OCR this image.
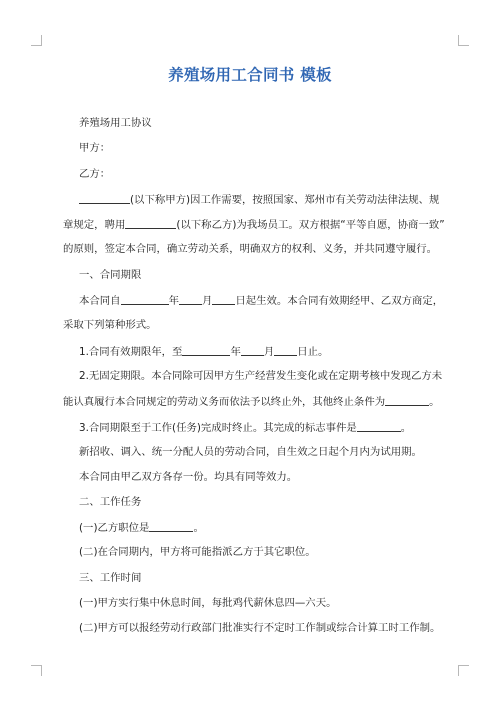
养殖场用工合同书 模板

养殖场用工协议

甲方：

乙方：

(以下称甲方)因工作需要，按照国家、郑州市有关劳动法律法规、规

章规定，聘用	(以下称乙方)为我场员工。双方根据“平等自愿，协商一致”

的原则，签定本合同，确立劳动关系，明确双方的权利、义务，并共同遵守履行。

一、合同期限

本合同自	年 月 日起生效。本合同有效期经甲、乙双方商定，

采取下列第种形式。

1.合同有效期限年，至	年 月 日止。

2.无固定期限。本合同除可因甲方生产经营发生变化或在定期考核中发现乙方未

能认真履行本合同规定的劳动义务而依法予以终止外，其他终止条件为	。

3.合同期限至于工作(任务)完成时终止。其完成的标志事件是	。

新招收、调入、统一分配人员的劳动合同，自生效之日起个月内为试用期。

本合同由甲乙双方各存一份。均具有同等效力。

二、工作任务

(一)乙方职位是	。

(二)在合同期内，甲方将可能指派乙方于其它职位。

三、工作时间

(一)甲方实行集中休息时间，每批鸡代薪休息四—六天。

(二)甲方可以报经劳动行政部门批准实行不定时工作制或综合计算工时工作制。
